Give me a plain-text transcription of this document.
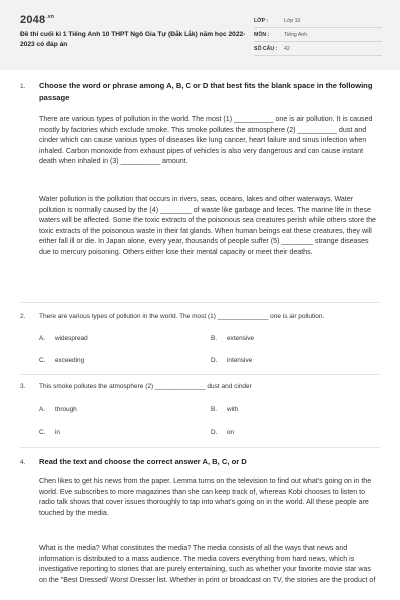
$2048^{.vn}$
Đề thi cuối kì 1 Tiếng Anh 10 THPT Ngô Gia Tự (Đắk Lắk) năm học 2022-2023 có đáp án
LỚP :	Lớp 10
MÔN :	Tiếng Anh
SỐ CÂU :	42
1. Choose the word or phrase among A, B, C or D that best fits the blank space in the following passage
There are various types of pollution in the world. The most (1) __________ one is air pollution. It is caused mostly by factories which exclude smoke. This smoke pollutes the atmosphere (2) __________ dust and cinder which can cause various types of diseases like lung cancer, heart failure and sinus infection when inhaled. Carbon monoxide from exhaust pipes of vehicles is also very dangerous and can cause instant death when inhaled in (3) __________ amount.
Water pollution is the pollution that occurs in rivers, seas, oceans, lakes and other waterways. Water pollution is normally caused by the (4) ________ of waste like garbage and feces. The marine life in these waters will be affected. Some the toxic extracts of the poisonous sea creatures perish while others store the toxic extracts of the poisonous waste in their fat glands. When human beings eat these creatures, they will either fall ill or die. In Japan alone, every year, thousands of people suffer (5) ________ strange diseases due to mercury poisoning. Others either lose their mental capacity or meet their deaths.
2. There are various types of pollution in the world. The most (1) ______________ one is air pollution.
A. widespread	B. extensive
C. exceeding	D. intensive
3. This smoke pollutes the atmosphere (2) ______________ dust and cinder
A. through	B. with
C. in	D. on
4. Read the text and choose the correct answer A, B, C, or D
Chen likes to get his news from the paper. Lemma turns on the television to find out what's going on in the world. Eve subscribes to more magazines than she can keep track of, whereas Kobi chooses to listen to radio talk shows that cover issues thoroughly to tap into what's going on in the world. All these people are touched by the media.
What is the media? What constitutes the media? The media consists of all the ways that news and information is distributed to a mass audience. The media covers everything from hard news, which is investigative reporting to stories that are purely entertaining, such as whether your favorite movie star was on the "Best Dressed/ Worst Dresser list. Whether in print or broadcast on TV, the stories are the product of
